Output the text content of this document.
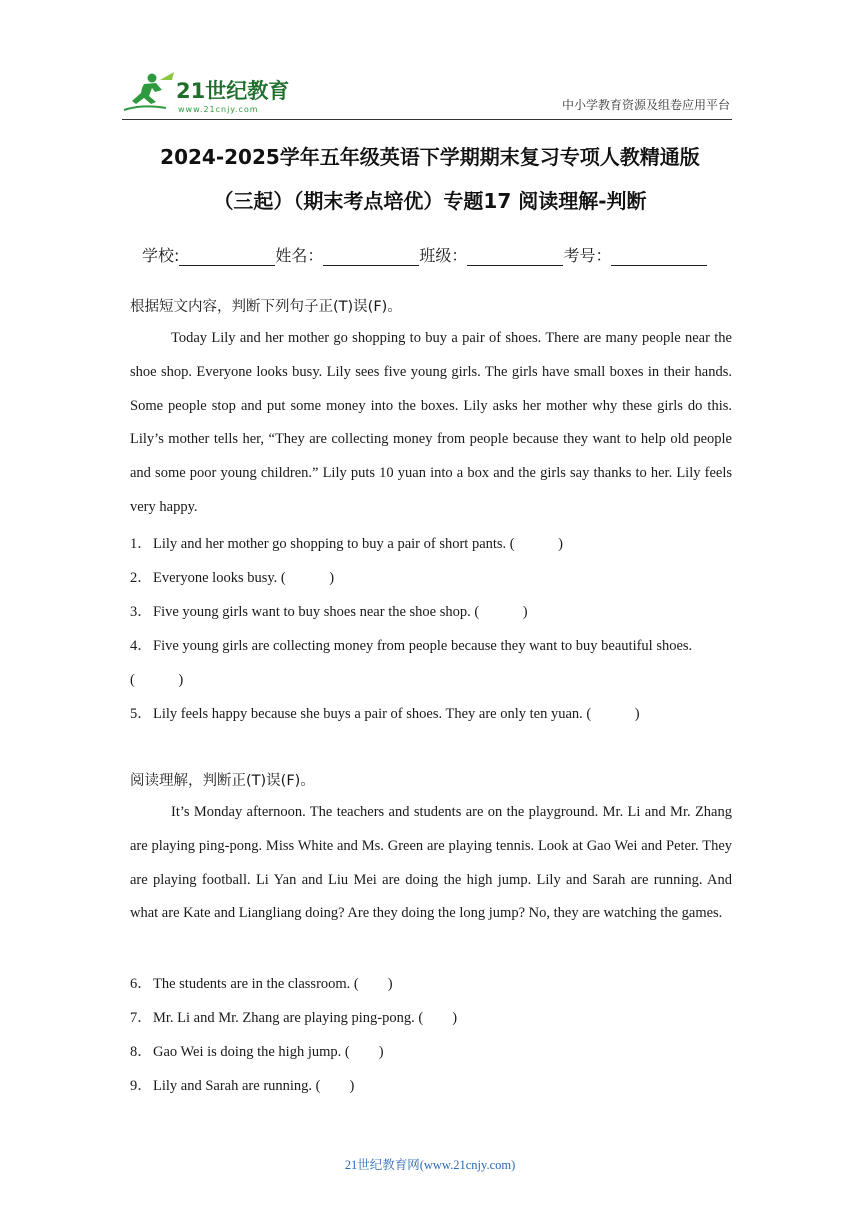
21世纪教育
www.21cnjy.com	中小学教育资源及组卷应用平台
2024-2025学年五年级英语下学期期末复习专项人教精通版
（三起）（期末考点培优）专题17 阅读理解-判断
学校:	姓名：	班级：	考号：
根据短文内容，判断下列句子正(T)误(F)。

Today Lily and her mother go shopping to buy a pair of shoes. There are many people near the shoe shop. Everyone looks busy. Lily sees five young girls. The girls have small boxes in their hands. Some people stop and put some money into the boxes. Lily asks her mother why these girls do this. Lily’s mother tells her, “They are collecting money from people because they want to help old people and some poor young children.” Lily puts 10 yuan into a box and the girls say thanks to her. Lily feels very happy.

1．Lily and her mother go shopping to buy a pair of short pants. (　　　)
2．Everyone looks busy. (　　　)
3．Five young girls want to buy shoes near the shoe shop. (　　　)
4．Five young girls are collecting money from people because they want to buy beautiful shoes.
(　　　)
5．Lily feels happy because she buys a pair of shoes. They are only ten yuan. (　　　)
阅读理解，判断正(T)误(F)。

It’s Monday afternoon. The teachers and students are on the playground. Mr. Li and Mr. Zhang are playing ping-pong. Miss White and Ms. Green are playing tennis. Look at Gao Wei and Peter. They are playing football. Li Yan and Liu Mei are doing the high jump. Lily and Sarah are running. And what are Kate and Liangliang doing? Are they doing the long jump? No, they are watching the games.

6．The students are in the classroom. (　　)
7．Mr. Li and Mr. Zhang are playing ping-pong. (　　)
8．Gao Wei is doing the high jump. (　　)
9．Lily and Sarah are running. (　　)
21世纪教育网(www.21cnjy.com)
